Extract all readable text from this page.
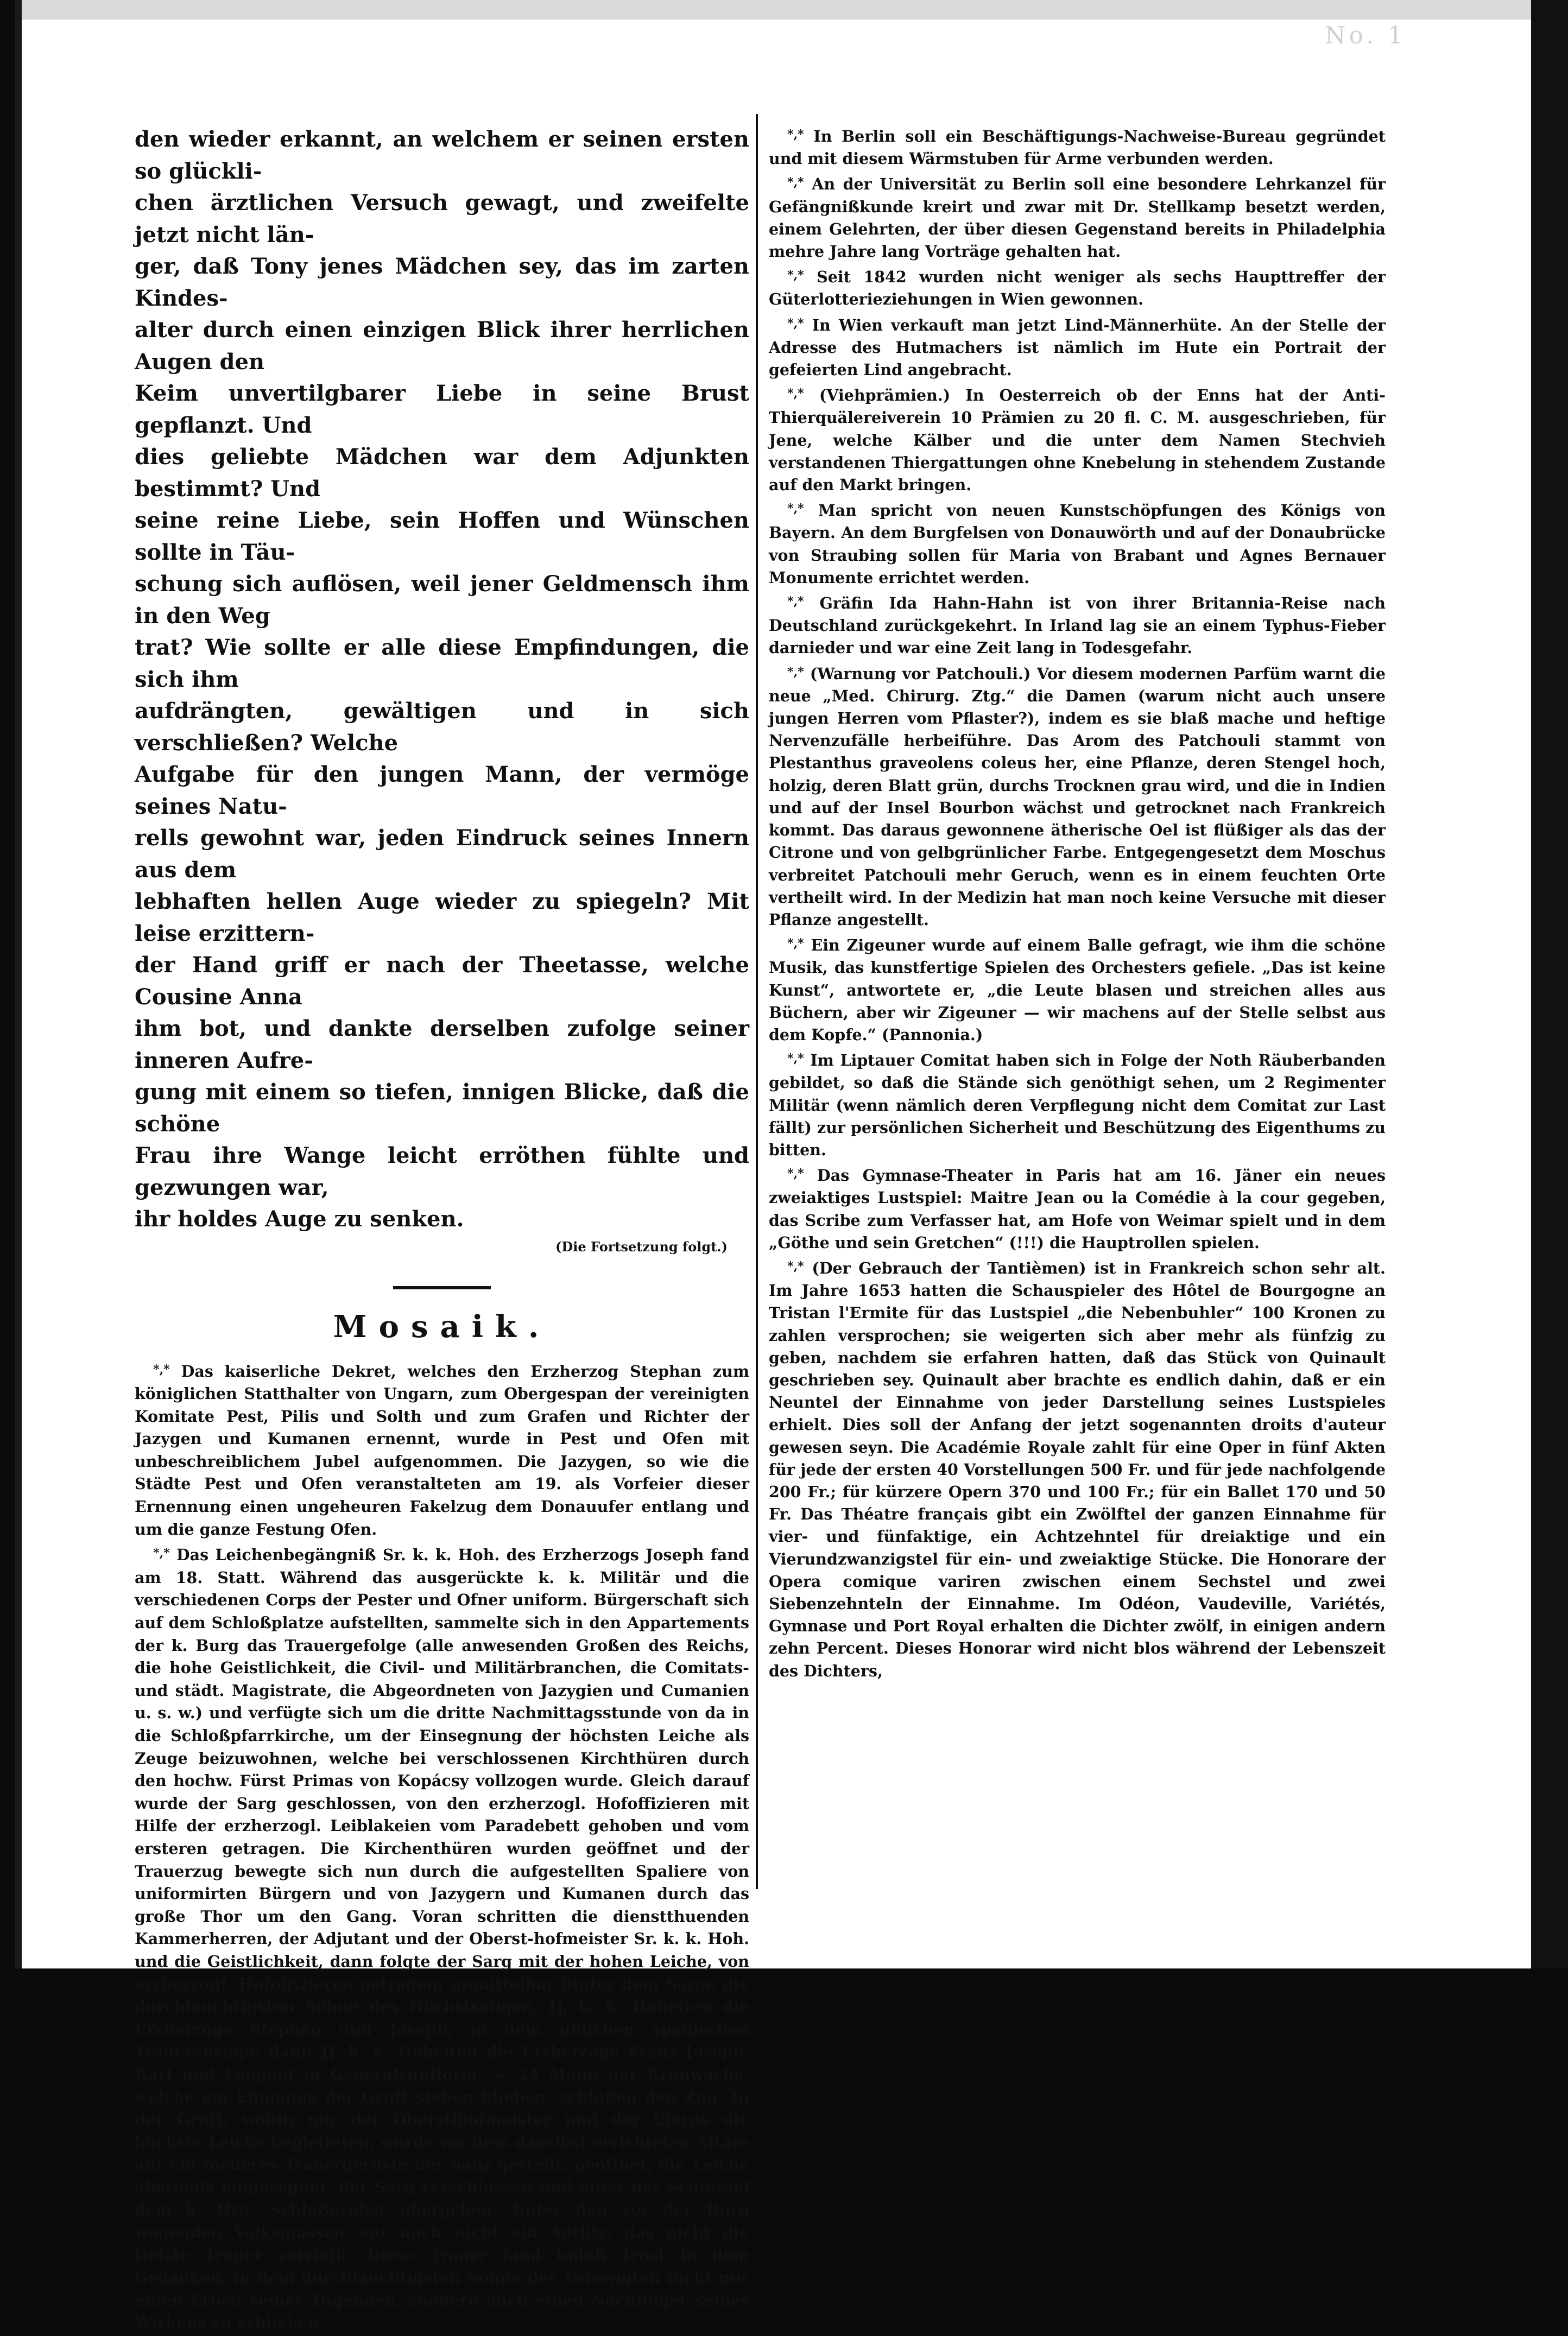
No. 1

den wieder erkannt, an welchem er seinen ersten so glückli-

chen ärztlichen Versuch gewagt, und zweifelte jetzt nicht län-

ger, daß Tony jenes Mädchen sey, das im zarten Kindes-

alter durch einen einzigen Blick ihrer herrlichen Augen den

Keim unvertilgbarer Liebe in seine Brust gepflanzt. Und

dies geliebte Mädchen war dem Adjunkten bestimmt? Und

seine reine Liebe, sein Hoffen und Wünschen sollte in Täu-

schung sich auflösen, weil jener Geldmensch ihm in den Weg

trat? Wie sollte er alle diese Empfindungen, die sich ihm

aufdrängten, gewältigen und in sich verschließen? Welche

Aufgabe für den jungen Mann, der vermöge seines Natu-

rells gewohnt war, jeden Eindruck seines Innern aus dem

lebhaften hellen Auge wieder zu spiegeln? Mit leise erzittern-

der Hand griff er nach der Theetasse, welche Cousine Anna

ihm bot, und dankte derselben zufolge seiner inneren Aufre-

gung mit einem so tiefen, innigen Blicke, daß die schöne

Frau ihre Wange leicht erröthen fühlte und gezwungen war,

ihr holdes Auge zu senken.

(Die Fortsetzung folgt.)
Mosaik.

*,* Das kaiserliche Dekret, welches den Erzherzog Stephan zum königlichen Statthalter von Ungarn, zum Obergespan der vereinigten Komitate Pest, Pilis und Solth und zum Grafen und Richter der Jazygen und Kumanen ernennt, wurde in Pest und Ofen mit unbeschreiblichem Jubel aufgenommen. Die Jazygen, so wie die Städte Pest und Ofen veranstalteten am 19. als Vorfeier dieser Ernennung einen ungeheuren Fakelzug dem Donauufer entlang und um die ganze Festung Ofen.

*,* Das Leichenbegängniß Sr. k. k. Hoh. des Erzherzogs Joseph fand am 18. Statt. Während das ausgerückte k. k. Militär und die verschiedenen Corps der Pester und Ofner uniform. Bürgerschaft sich auf dem Schloßplatze aufstellten, sammelte sich in den Appartements der k. Burg das Trauergefolge (alle anwesenden Großen des Reichs, die hohe Geistlichkeit, die Civil- und Militärbranchen, die Comitats- und städt. Magistrate, die Abgeordneten von Jazygien und Cumanien u. s. w.) und verfügte sich um die dritte Nachmittagsstunde von da in die Schloßpfarrkirche, um der Einsegnung der höchsten Leiche als Zeuge beizuwohnen, welche bei verschlossenen Kirchthüren durch den hochw. Fürst Primas von Kopácsy vollzogen wurde. Gleich darauf wurde der Sarg geschlossen, von den erzherzogl. Hofoffizieren mit Hilfe der erzherzogl. Leiblakeien vom Paradebett gehoben und vom ersteren getragen. Die Kirchenthüren wurden geöffnet und der Trauerzug bewegte sich nun durch die aufgestellten Spaliere von uniformirten Bürgern und von Jazygern und Kumanen durch das große Thor um den Gang. Voran schritten die dienstthuenden Kammerherren, der Adjutant und der Oberst-hofmeister Sr. k. k. Hoh. und die Geistlichkeit, dann folgte der Sarg mit der hohen Leiche, von erzherzogl. Hofoffizieren getragen; unmittelbar hinter dem Sarge die durchlauchtigsten Söhne des Höchstseligen, JJ. k. k. Hoheiten die Erzherzoge Stephan und Joseph, in dem üblichen spanischen Traueranzuge; dann JJ. k. k. Hoheiten die Erzherzoge Franz Joseph, Karl und Leopold in Generalsuniform; — 24 Mann der Kronwache, welche am Eingange der Gruft stehen blieben, schloßen den Zug. In der Gruft, wohin nur der Oberstlhofmeister und der Clerus die höchste Leiche begleiteten, wurde vor dem daselbst errichteten Altare auf ein niederes Trauergerüste der Sarg gestellt, geöffnet, die Leiche abermals eingesegnet, der Sarg verschlossen und einer der Schlüssel dem k. Hrn. Schloßprobst übergeben. Unter den vor der Burg wogenden Volksmassen war auch nicht ein Antlitz, das nicht die tiefste Trauer verrieth. Diese Trauer fand indeß Trost in dem Gedanken, in dem durchlauchtigsten Sohne des Verewigten nicht nur einen Erben seiner Tugenden, sondern auch einen Nachfolger seines Wirkens zu erblicken.

*,* In Berlin soll ein Beschäftigungs-Nachweise-Bureau gegründet und mit diesem Wärmstuben für Arme verbunden werden.

*,* An der Universität zu Berlin soll eine besondere Lehrkanzel für Gefängnißkunde kreirt und zwar mit Dr. Stellkamp besetzt werden, einem Gelehrten, der über diesen Gegenstand bereits in Philadelphia mehre Jahre lang Vorträge gehalten hat.

*,* Seit 1842 wurden nicht weniger als sechs Haupttreffer der Güterlotteriеziehungen in Wien gewonnen.

*,* In Wien verkauft man jetzt Lind-Männerhüte. An der Stelle der Adresse des Hutmachers ist nämlich im Hute ein Portrait der gefeierten Lind angebracht.

*,* (Viehprämien.) In Oesterreich ob der Enns hat der Anti-Thierquälereiverein 10 Prämien zu 20 fl. C. M. ausgeschrieben, für Jene, welche Kälber und die unter dem Namen Stechvieh verstandenen Thiergattungen ohne Knebelung in stehendem Zustande auf den Markt bringen.

*,* Man spricht von neuen Kunstschöpfungen des Königs von Bayern. An dem Burgfelsen von Donauwörth und auf der Donaubrücke von Straubing sollen für Maria von Brabant und Agnes Bernauer Monumente errichtet werden.

*,* Gräfin Ida Hahn-Hahn ist von ihrer Britannia-Reise nach Deutschland zurückgekehrt. In Irland lag sie an einem Typhus-Fieber darnieder und war eine Zeit lang in Todesgefahr.

*,* (Warnung vor Patchouli.) Vor diesem modernen Parfüm warnt die neue „Med. Chirurg. Ztg.“ die Damen (warum nicht auch unsere jungen Herren vom Pflaster?), indem es sie blaß mache und heftige Nervenzufälle herbeiführe. Das Arom des Patchouli stammt von Plestanthus graveolens coleus her, eine Pflanze, deren Stengel hoch, holzig, deren Blatt grün, durchs Trocknen grau wird, und die in Indien und auf der Insel Bourbon wächst und getrocknet nach Frankreich kommt. Das daraus gewonnene ätherische Oel ist flüßiger als das der Citrone und von gelbgrünlicher Farbe. Entgegengesetzt dem Moschus verbreitet Patchouli mehr Geruch, wenn es in einem feuchten Orte vertheilt wird. In der Medizin hat man noch keine Versuche mit dieser Pflanze angestellt.

*,* Ein Zigeuner wurde auf einem Balle gefragt, wie ihm die schöne Musik, das kunstfertige Spielen des Orchesters gefiele. „Das ist keine Kunst“, antwortete er, „die Leute blasen und streichen alles aus Büchern, aber wir Zigeuner — wir machens auf der Stelle selbst aus dem Kopfe.“ (Pannonia.)

*,* Im Liptauer Comitat haben sich in Folge der Noth Räuberbanden gebildet, so daß die Stände sich genöthigt sehen, um 2 Regimenter Militär (wenn nämlich deren Verpflegung nicht dem Comitat zur Last fällt) zur persönlichen Sicherheit und Beschützung des Eigenthums zu bitten.

*,* Das Gymnase-Theater in Paris hat am 16. Jäner ein neues zweiaktiges Lustspiel: Maitre Jean ou la Comédie à la cour gegeben, das Scribe zum Verfasser hat, am Hofe von Weimar spielt und in dem „Göthe und sein Gretchen“ (!!!) die Hauptrollen spielen.

*,* (Der Gebrauch der Tantièmen) ist in Frankreich schon sehr alt. Im Jahre 1653 hatten die Schauspieler des Hôtel de Bourgogne an Tristan l'Ermite für das Lustspiel „die Nebenbuhler“ 100 Kronen zu zahlen versprochen; sie weigerten sich aber mehr als fünfzig zu geben, nachdem sie erfahren hatten, daß das Stück von Quinault geschrieben sey. Quinault aber brachte es endlich dahin, daß er ein Neuntel der Einnahme von jeder Darstellung seines Lustspieles erhielt. Dies soll der Anfang der jetzt sogenannten droits d'auteur gewesen seyn. Die Académie Royale zahlt für eine Oper in fünf Akten für jede der ersten 40 Vorstellungen 500 Fr. und für jede nachfolgende 200 Fr.; für kürzere Opern 370 und 100 Fr.; für ein Ballet 170 und 50 Fr. Das Théatre français gibt ein Zwölftel der ganzen Einnahme für vier- und fünfaktige, ein Achtzehntel für dreiaktige und ein Vierundzwanzigstel für ein- und zweiaktige Stücke. Die Honorare der Opera comique variren zwischen einem Sechstel und zwei Siebenzehnteln der Einnahme. Im Odéon, Vaudeville, Variétés, Gymnase und Port Royal erhalten die Dichter zwölf, in einigen andern zehn Percent. Dieses Honorar wird nicht blos während der Lebenszeit des Dichters,
